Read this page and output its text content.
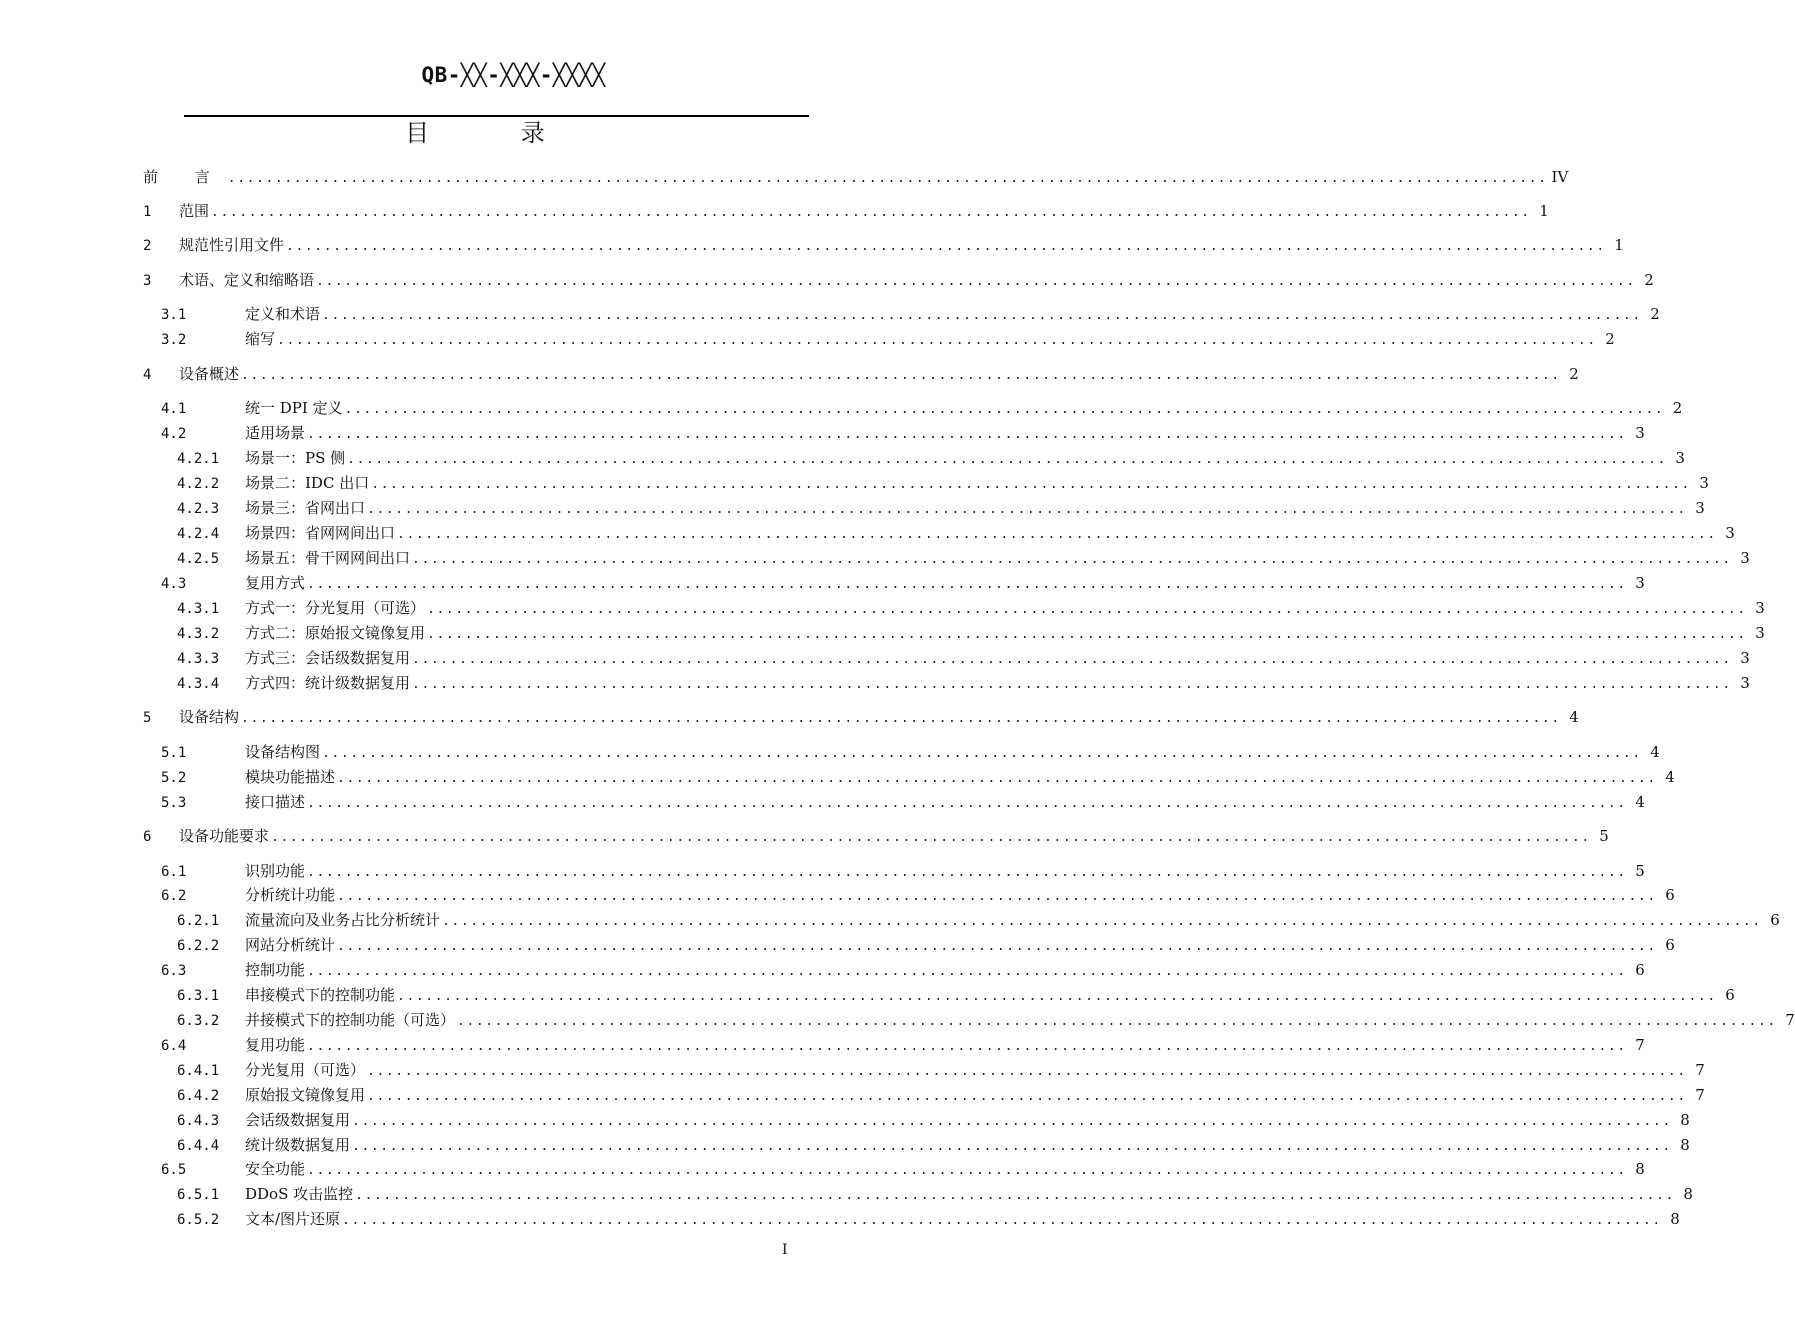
QB-╳╳-╳╳╳-╳╳╳╳
目 录
前 言 ............................................................................................................................................ IV
1	范围 ............................................................................................................................................ 1
2	规范性引用文件 ............................................................................................................................................ 1
3	术语、定义和缩略语 ............................................................................................................................................ 2
3.1	定义和术语 ............................................................................................................................................ 2
3.2	缩写 ............................................................................................................................................ 2
4	设备概述 ............................................................................................................................................ 2
4.1	统一 DPI 定义 ............................................................................................................................................ 2
4.2	适用场景 ............................................................................................................................................ 3
4.2.1	场景一：PS 侧 ............................................................................................................................................ 3
4.2.2	场景二：IDC 出口 ............................................................................................................................................ 3
4.2.3	场景三：省网出口 ............................................................................................................................................ 3
4.2.4	场景四：省网网间出口 ............................................................................................................................................ 3
4.2.5	场景五：骨干网网间出口 ............................................................................................................................................ 3
4.3	复用方式 ............................................................................................................................................ 3
4.3.1	方式一：分光复用（可选） ............................................................................................................................................ 3
4.3.2	方式二：原始报文镜像复用 ............................................................................................................................................ 3
4.3.3	方式三：会话级数据复用 ............................................................................................................................................ 3
4.3.4	方式四：统计级数据复用 ............................................................................................................................................ 3
5	设备结构 ............................................................................................................................................ 4
5.1	设备结构图 ............................................................................................................................................ 4
5.2	模块功能描述 ............................................................................................................................................ 4
5.3	接口描述 ............................................................................................................................................ 4
6	设备功能要求 ............................................................................................................................................ 5
6.1	识别功能 ............................................................................................................................................ 5
6.2	分析统计功能 ............................................................................................................................................ 6
6.2.1	流量流向及业务占比分析统计 ............................................................................................................................................ 6
6.2.2	网站分析统计 ............................................................................................................................................ 6
6.3	控制功能 ............................................................................................................................................ 6
6.3.1	串接模式下的控制功能 ............................................................................................................................................ 6
6.3.2	并接模式下的控制功能（可选） ............................................................................................................................................ 7
6.4	复用功能 ............................................................................................................................................ 7
6.4.1	分光复用（可选） ............................................................................................................................................ 7
6.4.2	原始报文镜像复用 ............................................................................................................................................ 7
6.4.3	会话级数据复用 ............................................................................................................................................ 8
6.4.4	统计级数据复用 ............................................................................................................................................ 8
6.5	安全功能 ............................................................................................................................................ 8
6.5.1	DDoS 攻击监控 ............................................................................................................................................ 8
6.5.2	文本/图片还原 ............................................................................................................................................ 8
I
